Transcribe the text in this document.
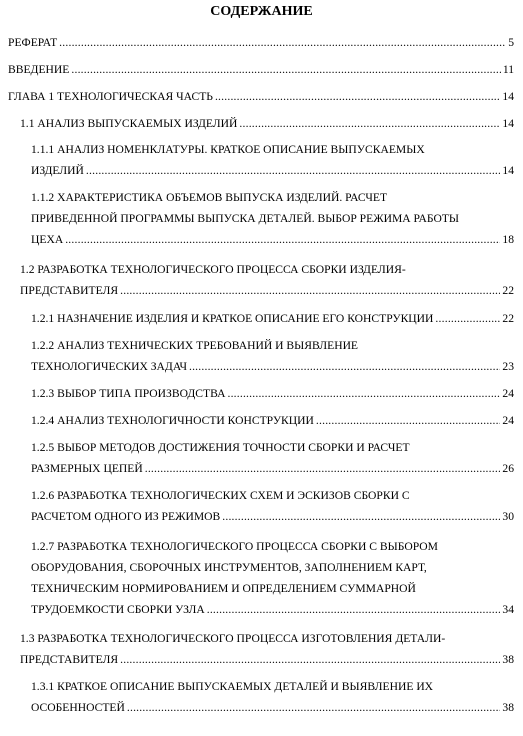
СОДЕРЖАНИЕ
РЕФЕРАТ .....	5
ВВЕДЕНИЕ .....	11
ГЛАВА 1 ТЕХНОЛОГИЧЕСКАЯ ЧАСТЬ .....	14
1.1 АНАЛИЗ ВЫПУСКАЕМЫХ ИЗДЕЛИЙ .....	14
1.1.1 АНАЛИЗ НОМЕНКЛАТУРЫ. КРАТКОЕ ОПИСАНИЕ ВЫПУСКАЕМЫХ
ИЗДЕЛИЙ .....	14
1.1.2 ХАРАКТЕРИСТИКА ОБЪЕМОВ ВЫПУСКА ИЗДЕЛИЙ. РАСЧЕТ
ПРИВЕДЕННОЙ ПРОГРАММЫ ВЫПУСКА ДЕТАЛЕЙ. ВЫБОР РЕЖИМА РАБОТЫ
ЦЕХА .....	18
1.2 РАЗРАБОТКА ТЕХНОЛОГИЧЕСКОГО ПРОЦЕССА СБОРКИ ИЗДЕЛИЯ-
ПРЕДСТАВИТЕЛЯ .....	22
1.2.1 НАЗНАЧЕНИЕ ИЗДЕЛИЯ И КРАТКОЕ ОПИСАНИЕ ЕГО КОНСТРУКЦИИ .....	22
1.2.2 АНАЛИЗ ТЕХНИЧЕСКИХ ТРЕБОВАНИЙ И ВЫЯВЛЕНИЕ
ТЕХНОЛОГИЧЕСКИХ ЗАДАЧ .....	23
1.2.3 ВЫБОР ТИПА ПРОИЗВОДСТВА .....	24
1.2.4 АНАЛИЗ ТЕХНОЛОГИЧНОСТИ КОНСТРУКЦИИ .....	24
1.2.5 ВЫБОР МЕТОДОВ ДОСТИЖЕНИЯ ТОЧНОСТИ СБОРКИ И РАСЧЕТ
РАЗМЕРНЫХ ЦЕПЕЙ .....	26
1.2.6 РАЗРАБОТКА ТЕХНОЛОГИЧЕСКИХ СХЕМ И ЭСКИЗОВ СБОРКИ С
РАСЧЕТОМ ОДНОГО ИЗ РЕЖИМОВ .....	30
1.2.7 РАЗРАБОТКА ТЕХНОЛОГИЧЕСКОГО ПРОЦЕССА СБОРКИ С ВЫБОРОМ
ОБОРУДОВАНИЯ, СБОРОЧНЫХ ИНСТРУМЕНТОВ, ЗАПОЛНЕНИЕМ КАРТ,
ТЕХНИЧЕСКИМ НОРМИРОВАНИЕМ И ОПРЕДЕЛЕНИЕМ СУММАРНОЙ
ТРУДОЕМКОСТИ СБОРКИ УЗЛА .....	34
1.3 РАЗРАБОТКА ТЕХНОЛОГИЧЕСКОГО ПРОЦЕССА ИЗГОТОВЛЕНИЯ ДЕТАЛИ-
ПРЕДСТАВИТЕЛЯ .....	38
1.3.1 КРАТКОЕ ОПИСАНИЕ ВЫПУСКАЕМЫХ ДЕТАЛЕЙ И ВЫЯВЛЕНИЕ ИХ
ОСОБЕННОСТЕЙ .....	38
